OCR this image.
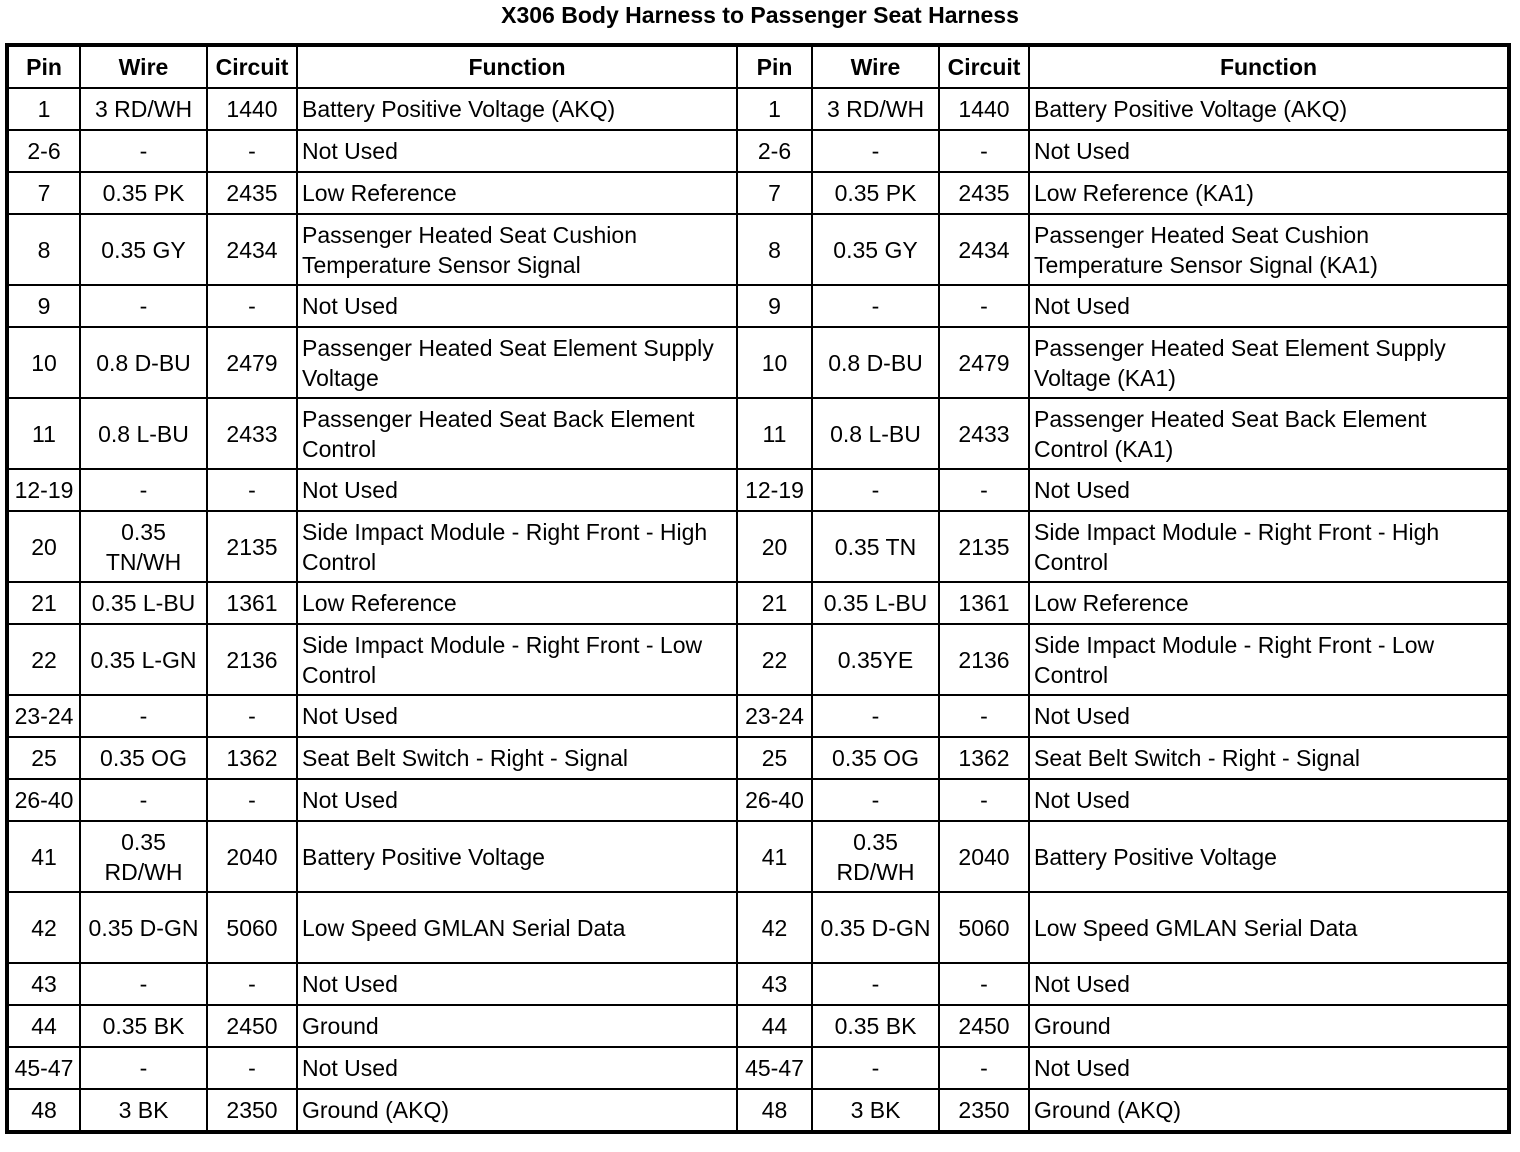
X306 Body Harness to Passenger Seat Harness
Pin	Wire	Circuit	Function	Pin	Wire	Circuit	Function
1	3 RD/WH	1440	Battery Positive Voltage (AKQ)	1	3 RD/WH	1440	Battery Positive Voltage (AKQ)
2-6	-	-	Not Used	2-6	-	-	Not Used
7	0.35 PK	2435	Low Reference	7	0.35 PK	2435	Low Reference (KA1)
8	0.35 GY	2434	Passenger Heated Seat Cushion Temperature Sensor Signal	8	0.35 GY	2434	Passenger Heated Seat Cushion Temperature Sensor Signal (KA1)
9	-	-	Not Used	9	-	-	Not Used
10	0.8 D-BU	2479	Passenger Heated Seat Element Supply Voltage	10	0.8 D-BU	2479	Passenger Heated Seat Element Supply Voltage (KA1)
11	0.8 L-BU	2433	Passenger Heated Seat Back Element Control	11	0.8 L-BU	2433	Passenger Heated Seat Back Element Control (KA1)
12-19	-	-	Not Used	12-19	-	-	Not Used
20	0.35 TN/WH	2135	Side Impact Module - Right Front - High Control	20	0.35 TN	2135	Side Impact Module - Right Front - High Control
21	0.35 L-BU	1361	Low Reference	21	0.35 L-BU	1361	Low Reference
22	0.35 L-GN	2136	Side Impact Module - Right Front - Low Control	22	0.35YE	2136	Side Impact Module - Right Front - Low Control
23-24	-	-	Not Used	23-24	-	-	Not Used
25	0.35 OG	1362	Seat Belt Switch - Right - Signal	25	0.35 OG	1362	Seat Belt Switch - Right - Signal
26-40	-	-	Not Used	26-40	-	-	Not Used
41	0.35 RD/WH	2040	Battery Positive Voltage	41	0.35 RD/WH	2040	Battery Positive Voltage
42	0.35 D-GN	5060	Low Speed GMLAN Serial Data	42	0.35 D-GN	5060	Low Speed GMLAN Serial Data
43	-	-	Not Used	43	-	-	Not Used
44	0.35 BK	2450	Ground	44	0.35 BK	2450	Ground
45-47	-	-	Not Used	45-47	-	-	Not Used
48	3 BK	2350	Ground (AKQ)	48	3 BK	2350	Ground (AKQ)
